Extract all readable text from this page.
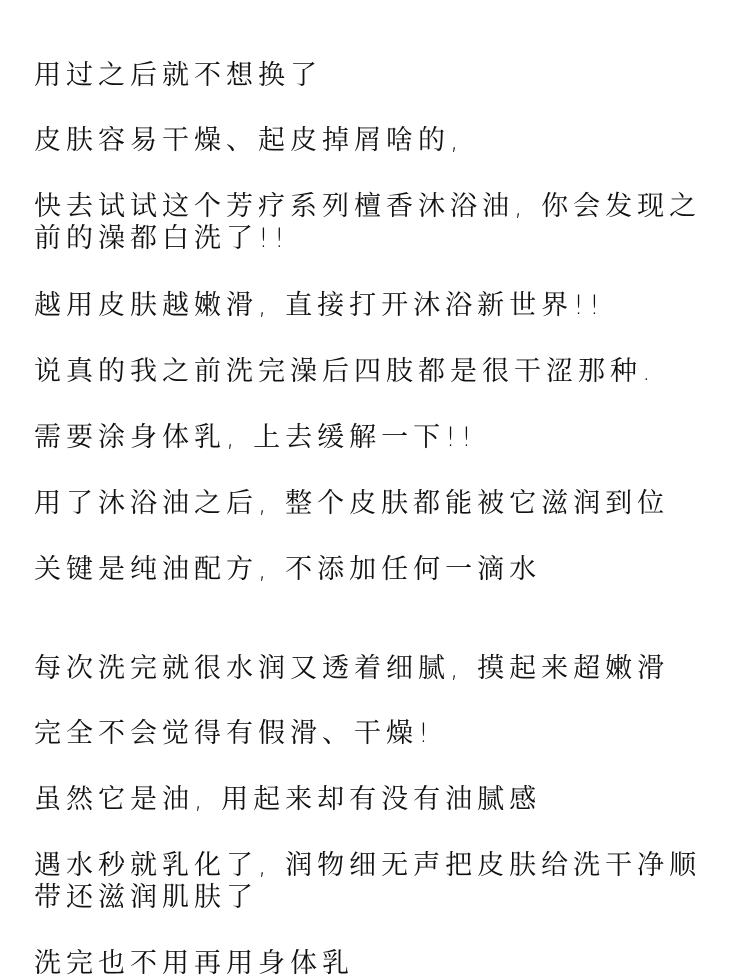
用过之后就不想换了
皮肤容易干燥、起皮掉屑啥的,
快去试试这个芳疗系列檀香沐浴油, 你会发现之前的澡都白洗了!!
越用皮肤越嫩滑, 直接打开沐浴新世界!!
说真的我之前洗完澡后四肢都是很干涩那种.
需要涂身体乳, 上去缓解一下!!
用了沐浴油之后, 整个皮肤都能被它滋润到位
关键是纯油配方, 不添加任何一滴水
每次洗完就很水润又透着细腻, 摸起来超嫩滑
完全不会觉得有假滑、干燥!
虽然它是油, 用起来却有没有油腻感
遇水秒就乳化了, 润物细无声把皮肤给洗干净顺带还滋润肌肤了
洗完也不用再用身体乳
